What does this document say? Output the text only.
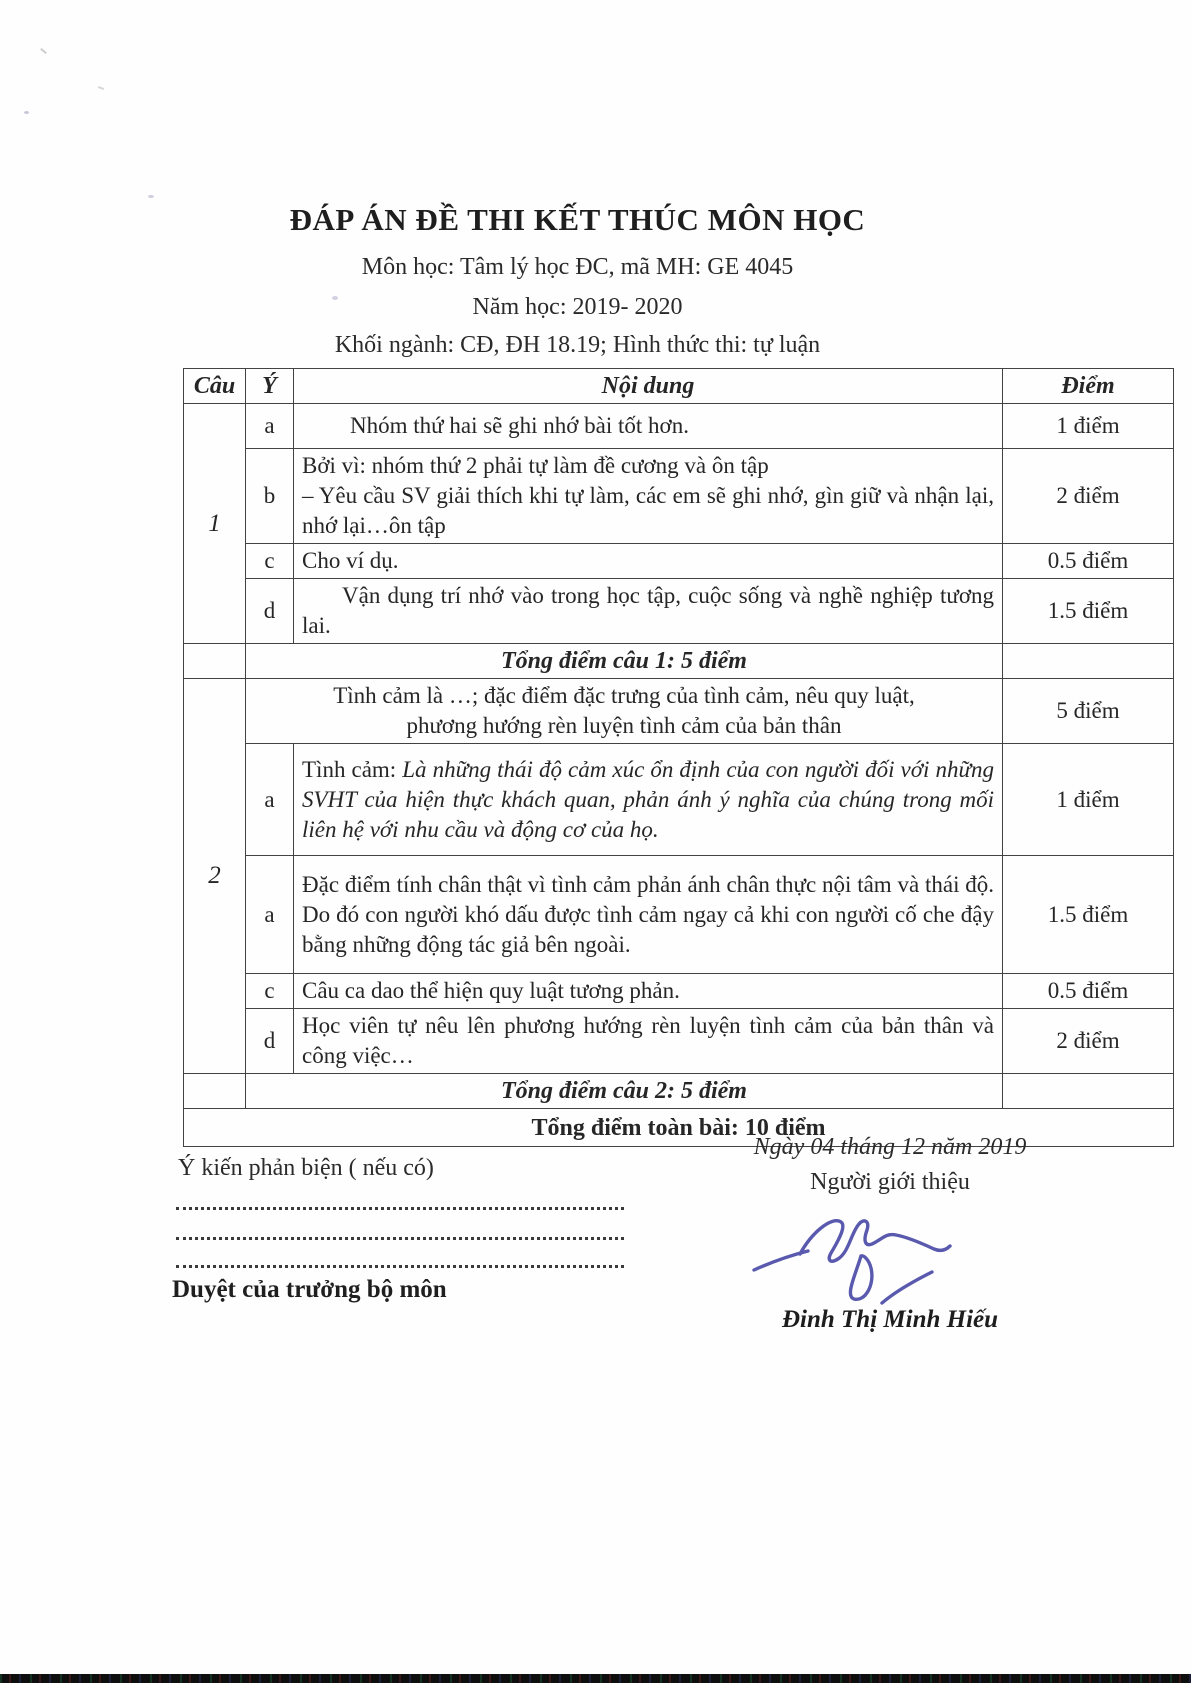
ĐÁP ÁN ĐỀ THI KẾT THÚC MÔN HỌC
Môn học: Tâm lý học ĐC, mã MH: GE 4045
Năm học: 2019- 2020
Khối ngành: CĐ, ĐH 18.19; Hình thức thi: tự luận
Câu	Ý	Nội dung	Điểm
1	a	Nhóm thứ hai sẽ ghi nhớ bài tốt hơn.	1 điểm
	b	Bởi vì: nhóm thứ 2 phải tự làm đề cương và ôn tập
– Yêu cầu SV giải thích khi tự làm, các em sẽ ghi nhớ, gìn giữ và nhận lại, nhớ lại…ôn tập	2 điểm
	c	Cho ví dụ.	0.5 điểm
	d	Vận dụng trí nhớ vào trong học tập, cuộc sống và nghề nghiệp tương lai.	1.5 điểm
	Tổng điểm câu 1: 5 điểm		
2	Tình cảm là …; đặc điểm đặc trưng của tình cảm, nêu quy luật,
phương hướng rèn luyện tình cảm của bản thân		5 điểm
	a	Tình cảm: Là những thái độ cảm xúc ổn định của con người đối với những SVHT của hiện thực khách quan, phản ánh ý nghĩa của chúng trong mối liên hệ với nhu cầu và động cơ của họ.	1 điểm
	a	Đặc điểm tính chân thật vì tình cảm phản ánh chân thực nội tâm và thái độ. Do đó con người khó dấu được tình cảm ngay cả khi con người cố che đậy bằng những động tác giả bên ngoài.	1.5 điểm
	c	Câu ca dao thể hiện quy luật tương phản.	0.5 điểm
	d	Học viên tự nêu lên phương hướng rèn luyện tình cảm của bản thân và công việc…	2 điểm
	Tổng điểm câu 2: 5 điểm		
Tổng điểm toàn bài: 10 điểm			
Ngày 04 tháng 12 năm 2019
Người giới thiệu
Ý kiến phản biện ( nếu có)
Duyệt của trưởng bộ môn
Đinh Thị Minh Hiếu
